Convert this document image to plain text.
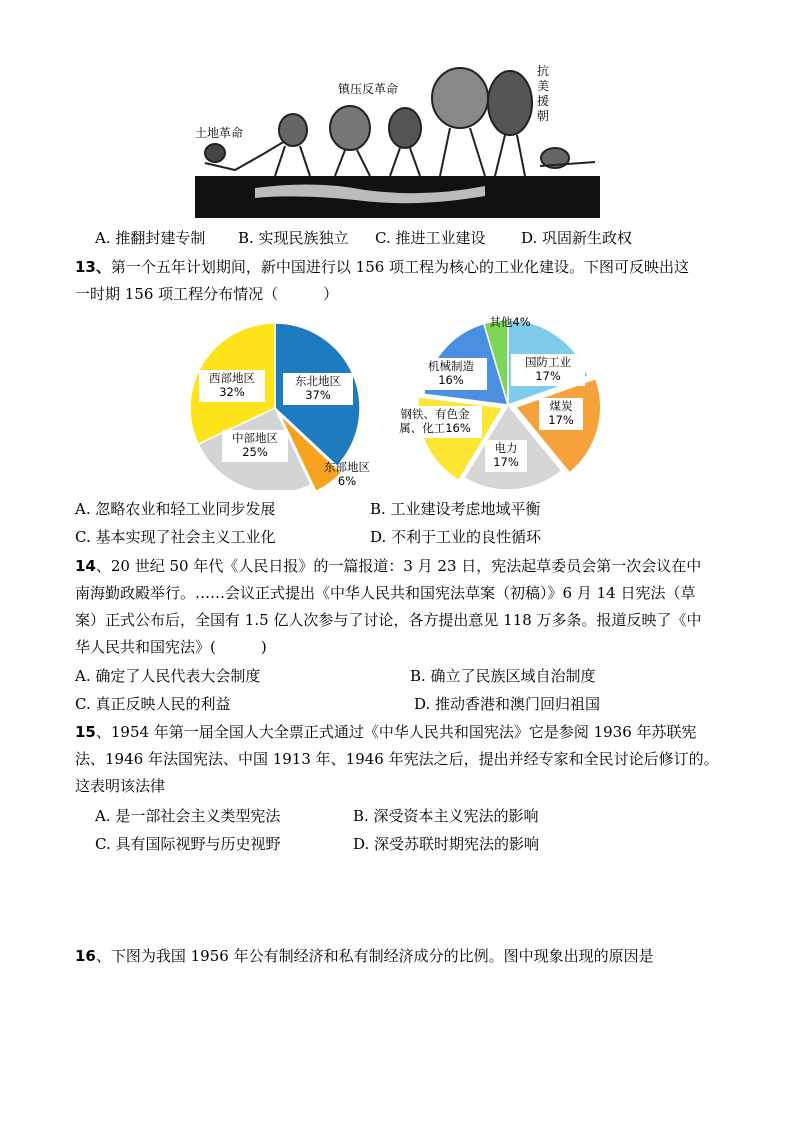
土地革命
镇压反革命
抗
美
援
朝
A. 推翻封建专制 B. 实现民族独立 C. 推进工业建设 D. 巩固新生政权
13、第一个五年计划期间，新中国进行以 156 项工程为核心的工业化建设。下图可反映出这
一时期 156 项工程分布情况（　　　）
东北地区
37%
东部地区
6%
中部地区
25%
西部地区
32%
国防工业
17%
煤炭
17%
电力
17%
钢铁、有色金
属、化工16%
机械制造
16%
其他4%
A. 忽略农业和轻工业同步发展	B. 工业建设考虑地域平衡
C. 基本实现了社会主义工业化	D. 不利于工业的良性循环
14、20 世纪 50 年代《人民日报》的一篇报道：3 月 23 日，宪法起草委员会第一次会议在中
南海勤政殿举行。……会议正式提出《中华人民共和国宪法草案（初稿）》6 月 14 日宪法（草
案）正式公布后，全国有 1.5 亿人次参与了讨论，各方提出意见 118 万多条。报道反映了《中
华人民共和国宪法》(　　　)
A. 确定了人民代表大会制度	B. 确立了民族区域自治制度
C. 真正反映人民的利益	D. 推动香港和澳门回归祖国
15、1954 年第一届全国人大全票正式通过《中华人民共和国宪法》它是参阅 1936 年苏联宪
法、1946 年法国宪法、中国 1913 年、1946 年宪法之后，提出并经专家和全民讨论后修订的。
这表明该法律
A. 是一部社会主义类型宪法	B. 深受资本主义宪法的影响
C. 具有国际视野与历史视野	D. 深受苏联时期宪法的影响
16、下图为我国 1956 年公有制经济和私有制经济成分的比例。图中现象出现的原因是
